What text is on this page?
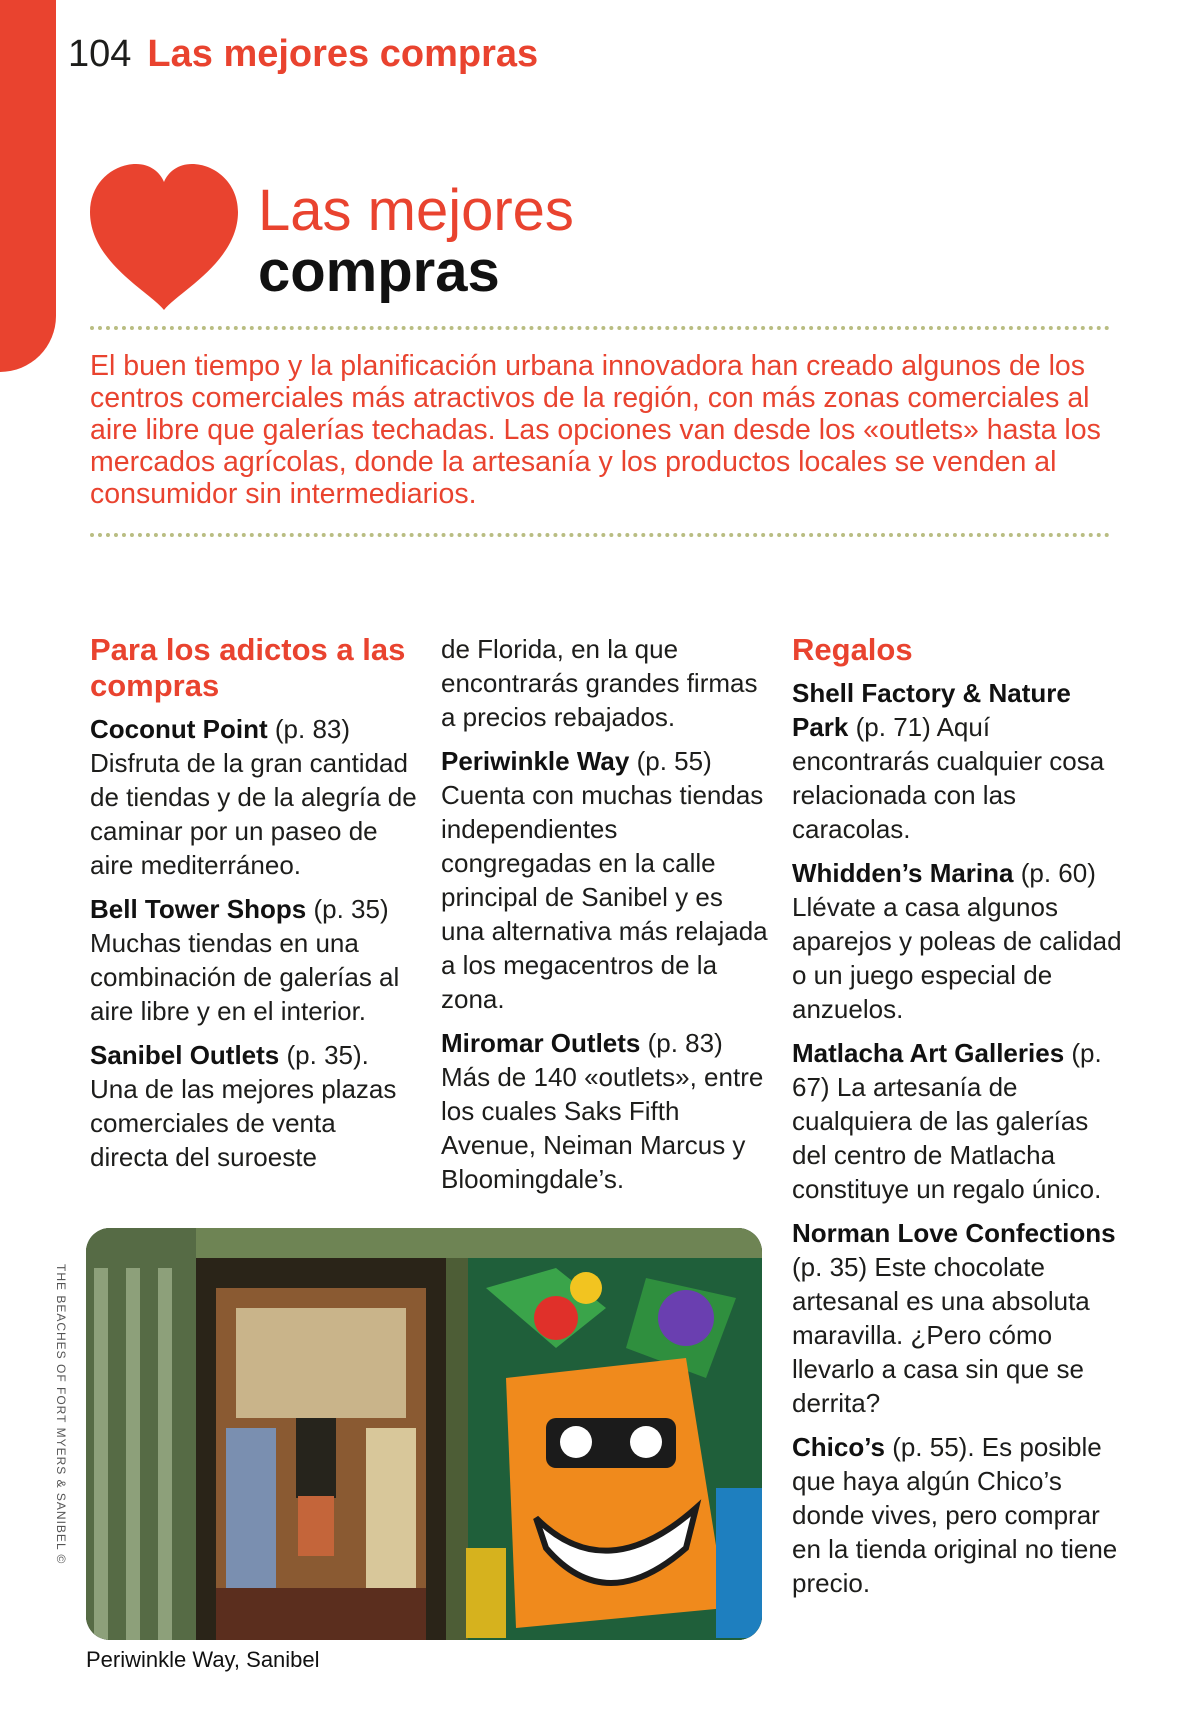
104 Las mejores compras
Las mejores
compras

El buen tiempo y la planificación urbana innovadora han creado algunos de los centros comerciales más atractivos de la región, con más zonas comerciales al aire libre que galerías techadas. Las opciones van desde los «outlets» hasta los mercados agrícolas, donde la artesanía y los productos locales se venden al consumidor sin intermediarios.

Para los adictos a las compras

Coconut Point (p. 83) Disfruta de la gran cantidad de tiendas y de la alegría de caminar por un paseo de aire mediterráneo.

Bell Tower Shops (p. 35) Muchas tiendas en una combinación de galerías al aire libre y en el interior.

Sanibel Outlets (p. 35). Una de las mejores plazas comerciales de venta directa del suroeste

de Florida, en la que encontrarás grandes firmas a precios rebajados.

Periwinkle Way (p. 55) Cuenta con muchas tiendas independientes congregadas en la calle principal de Sanibel y es una alternativa más relajada a los megacentros de la zona.

Miromar Outlets (p. 83) Más de 140 «outlets», entre los cuales Saks Fifth Avenue, Neiman Marcus y Bloomingdale’s.

Regalos

Shell Factory & Nature Park (p. 71) Aquí encontrarás cualquier cosa relacionada con las caracolas.

Whidden’s Marina (p. 60) Llévate a casa algunos aparejos y poleas de calidad o un juego especial de anzuelos.

Matlacha Art Galleries (p. 67) La artesanía de cualquiera de las galerías del centro de Matlacha constituye un regalo único.

Norman Love Confections (p. 35) Este chocolate artesanal es una absoluta maravilla. ¿Pero cómo llevarlo a casa sin que se derrita?

Chico’s (p. 55). Es posible que haya algún Chico’s donde vives, pero comprar en la tienda original no tiene precio.

THE BEACHES OF FORT MYERS & SANIBEL ©
Periwinkle Way, Sanibel
